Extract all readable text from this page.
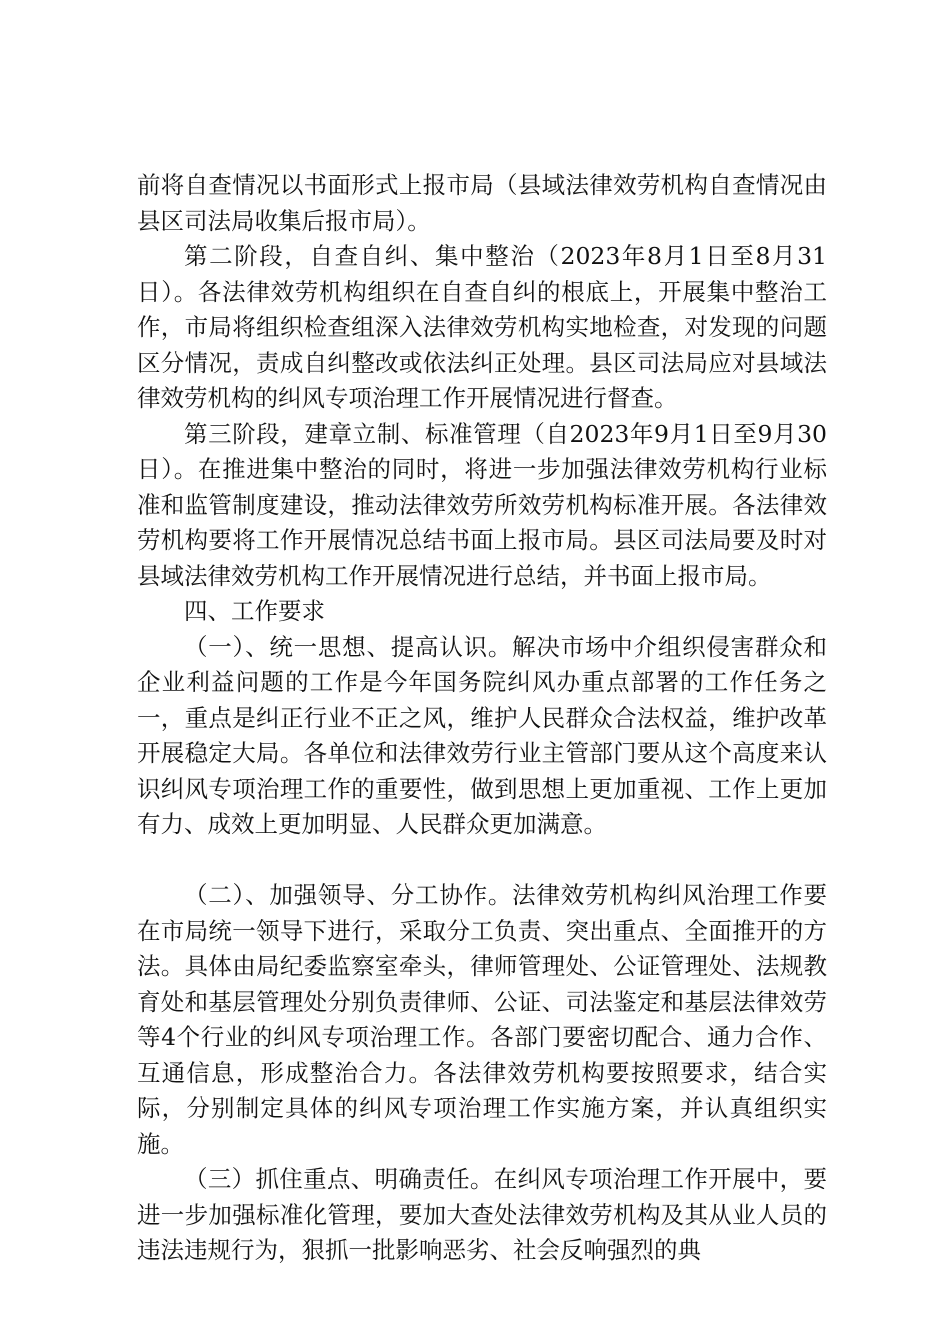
前将自查情况以书面形式上报市局（县域法律效劳机构自查情况由县区司法局收集后报市局）。

第二阶段，自查自纠、集中整治（2023年8月1日至8月31日）。各法律效劳机构组织在自查自纠的根底上，开展集中整治工作，市局将组织检查组深入法律效劳机构实地检查，对发现的问题区分情况，责成自纠整改或依法纠正处理。县区司法局应对县域法律效劳机构的纠风专项治理工作开展情况进行督查。

第三阶段，建章立制、标准管理（自2023年9月1日至9月30日）。在推进集中整治的同时，将进一步加强法律效劳机构行业标准和监管制度建设，推动法律效劳所效劳机构标准开展。各法律效劳机构要将工作开展情况总结书面上报市局。县区司法局要及时对县域法律效劳机构工作开展情况进行总结，并书面上报市局。

四、工作要求

（一）、统一思想、提高认识。解决市场中介组织侵害群众和企业利益问题的工作是今年国务院纠风办重点部署的工作任务之一，重点是纠正行业不正之风，维护人民群众合法权益，维护改革开展稳定大局。各单位和法律效劳行业主管部门要从这个高度来认识纠风专项治理工作的重要性，做到思想上更加重视、工作上更加有力、成效上更加明显、人民群众更加满意。

（二）、加强领导、分工协作。法律效劳机构纠风治理工作要在市局统一领导下进行，采取分工负责、突出重点、全面推开的方法。具体由局纪委监察室牵头，律师管理处、公证管理处、法规教育处和基层管理处分别负责律师、公证、司法鉴定和基层法律效劳等4个行业的纠风专项治理工作。各部门要密切配合、通力合作、互通信息，形成整治合力。各法律效劳机构要按照要求，结合实际，分别制定具体的纠风专项治理工作实施方案，并认真组织实施。

（三）抓住重点、明确责任。在纠风专项治理工作开展中，要进一步加强标准化管理，要加大查处法律效劳机构及其从业人员的违法违规行为，狠抓一批影响恶劣、社会反响强烈的典
